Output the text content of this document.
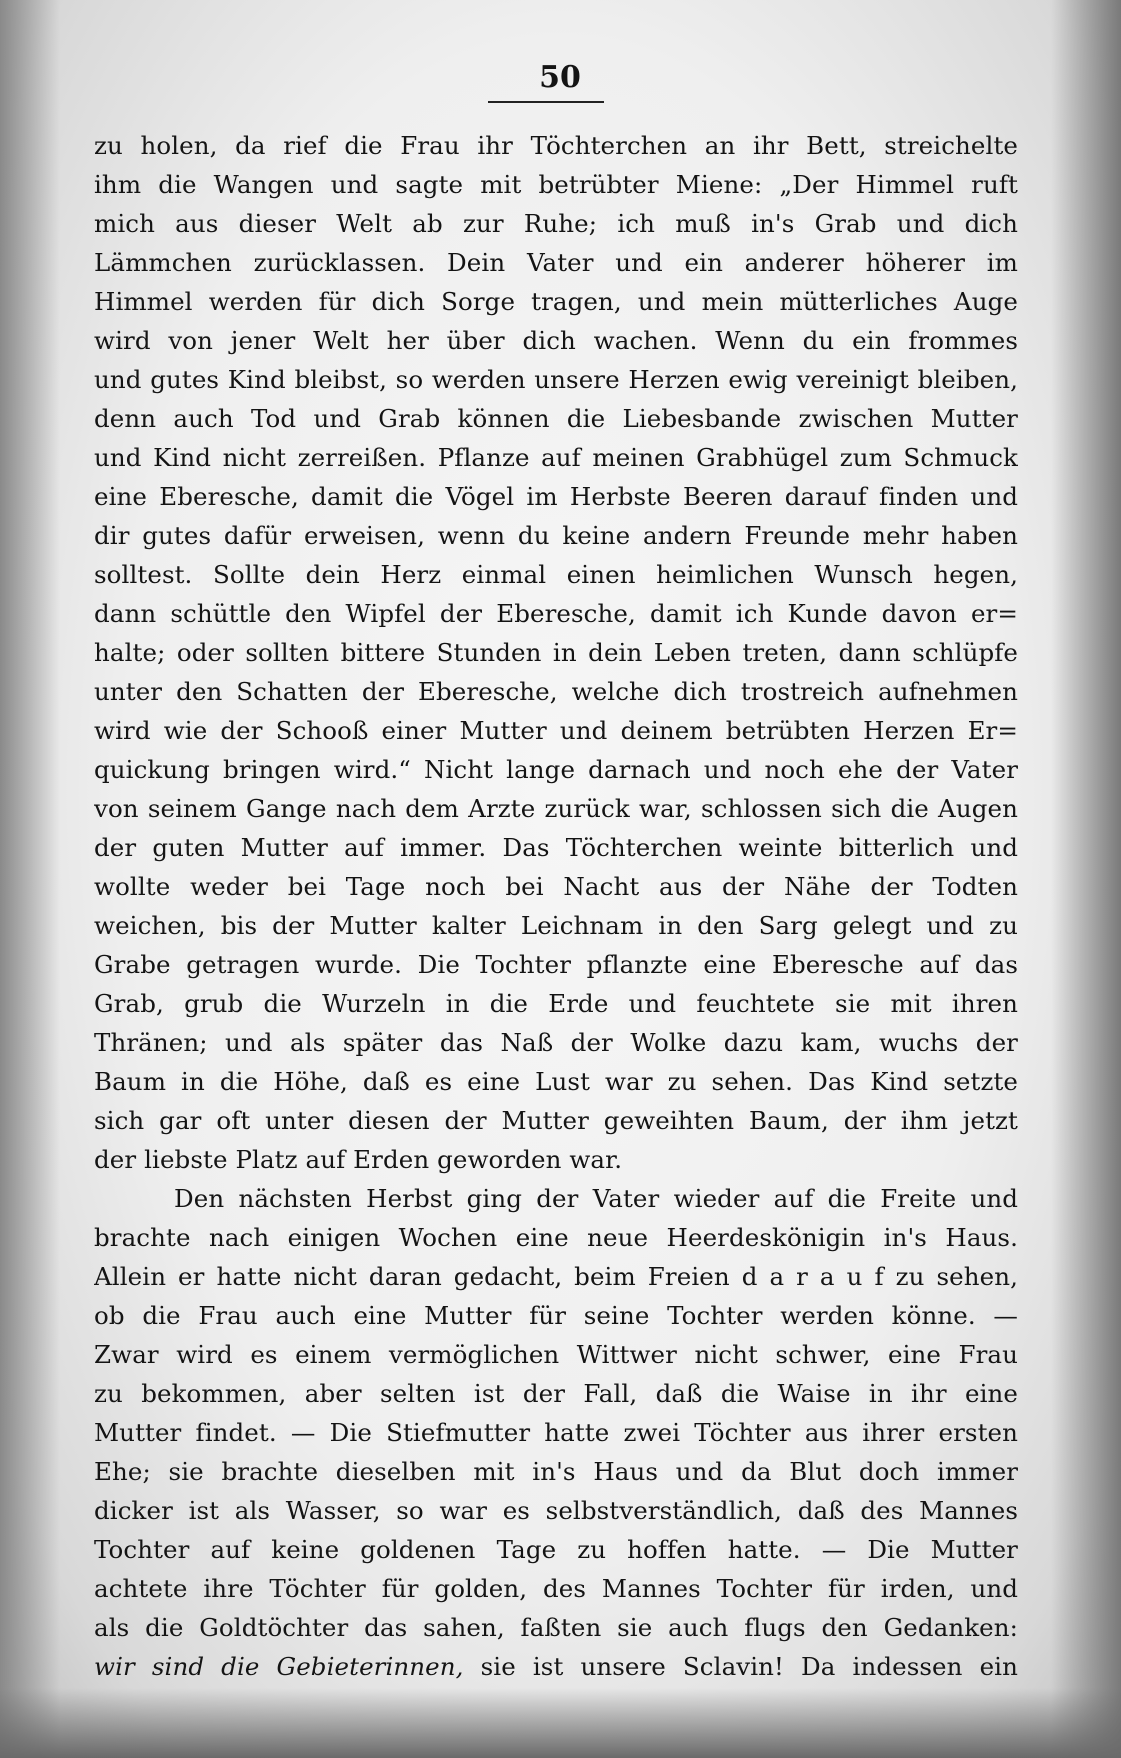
50
zu holen, da rief die Frau ihr Töchterchen an ihr Bett, streichelte
ihm die Wangen und sagte mit betrübter Miene: „Der Himmel ruft
mich aus dieser Welt ab zur Ruhe; ich muß in's Grab und dich
Lämmchen zurücklassen. Dein Vater und ein anderer höherer im
Himmel werden für dich Sorge tragen, und mein mütterliches Auge
wird von jener Welt her über dich wachen. Wenn du ein frommes
und gutes Kind bleibst, so werden unsere Herzen ewig vereinigt bleiben,
denn auch Tod und Grab können die Liebesbande zwischen Mutter
und Kind nicht zerreißen. Pflanze auf meinen Grabhügel zum Schmuck
eine Eberesche, damit die Vögel im Herbste Beeren darauf finden und
dir gutes dafür erweisen, wenn du keine andern Freunde mehr haben
solltest. Sollte dein Herz einmal einen heimlichen Wunsch hegen,
dann schüttle den Wipfel der Eberesche, damit ich Kunde davon er=
halte; oder sollten bittere Stunden in dein Leben treten, dann schlüpfe
unter den Schatten der Eberesche, welche dich trostreich aufnehmen
wird wie der Schooß einer Mutter und deinem betrübten Herzen Er=
quickung bringen wird.“ Nicht lange darnach und noch ehe der Vater
von seinem Gange nach dem Arzte zurück war, schlossen sich die Augen
der guten Mutter auf immer. Das Töchterchen weinte bitterlich und
wollte weder bei Tage noch bei Nacht aus der Nähe der Todten
weichen, bis der Mutter kalter Leichnam in den Sarg gelegt und zu
Grabe getragen wurde. Die Tochter pflanzte eine Eberesche auf das
Grab, grub die Wurzeln in die Erde und feuchtete sie mit ihren
Thränen; und als später das Naß der Wolke dazu kam, wuchs der
Baum in die Höhe, daß es eine Lust war zu sehen. Das Kind setzte
sich gar oft unter diesen der Mutter geweihten Baum, der ihm jetzt
der liebste Platz auf Erden geworden war.
Den nächsten Herbst ging der Vater wieder auf die Freite und
brachte nach einigen Wochen eine neue Heerdeskönigin in's Haus.
Allein er hatte nicht daran gedacht, beim Freien d a r a u f zu sehen,
ob die Frau auch eine Mutter für seine Tochter werden könne. —
Zwar wird es einem vermöglichen Wittwer nicht schwer, eine Frau
zu bekommen, aber selten ist der Fall, daß die Waise in ihr eine
Mutter findet. — Die Stiefmutter hatte zwei Töchter aus ihrer ersten
Ehe; sie brachte dieselben mit in's Haus und da Blut doch immer
dicker ist als Wasser, so war es selbstverständlich, daß des Mannes
Tochter auf keine goldenen Tage zu hoffen hatte. — Die Mutter
achtete ihre Töchter für golden, des Mannes Tochter für irden, und
als die Goldtöchter das sahen, faßten sie auch flugs den Gedanken:
wir sind die Gebieterinnen, sie ist unsere Sclavin! Da indessen ein
